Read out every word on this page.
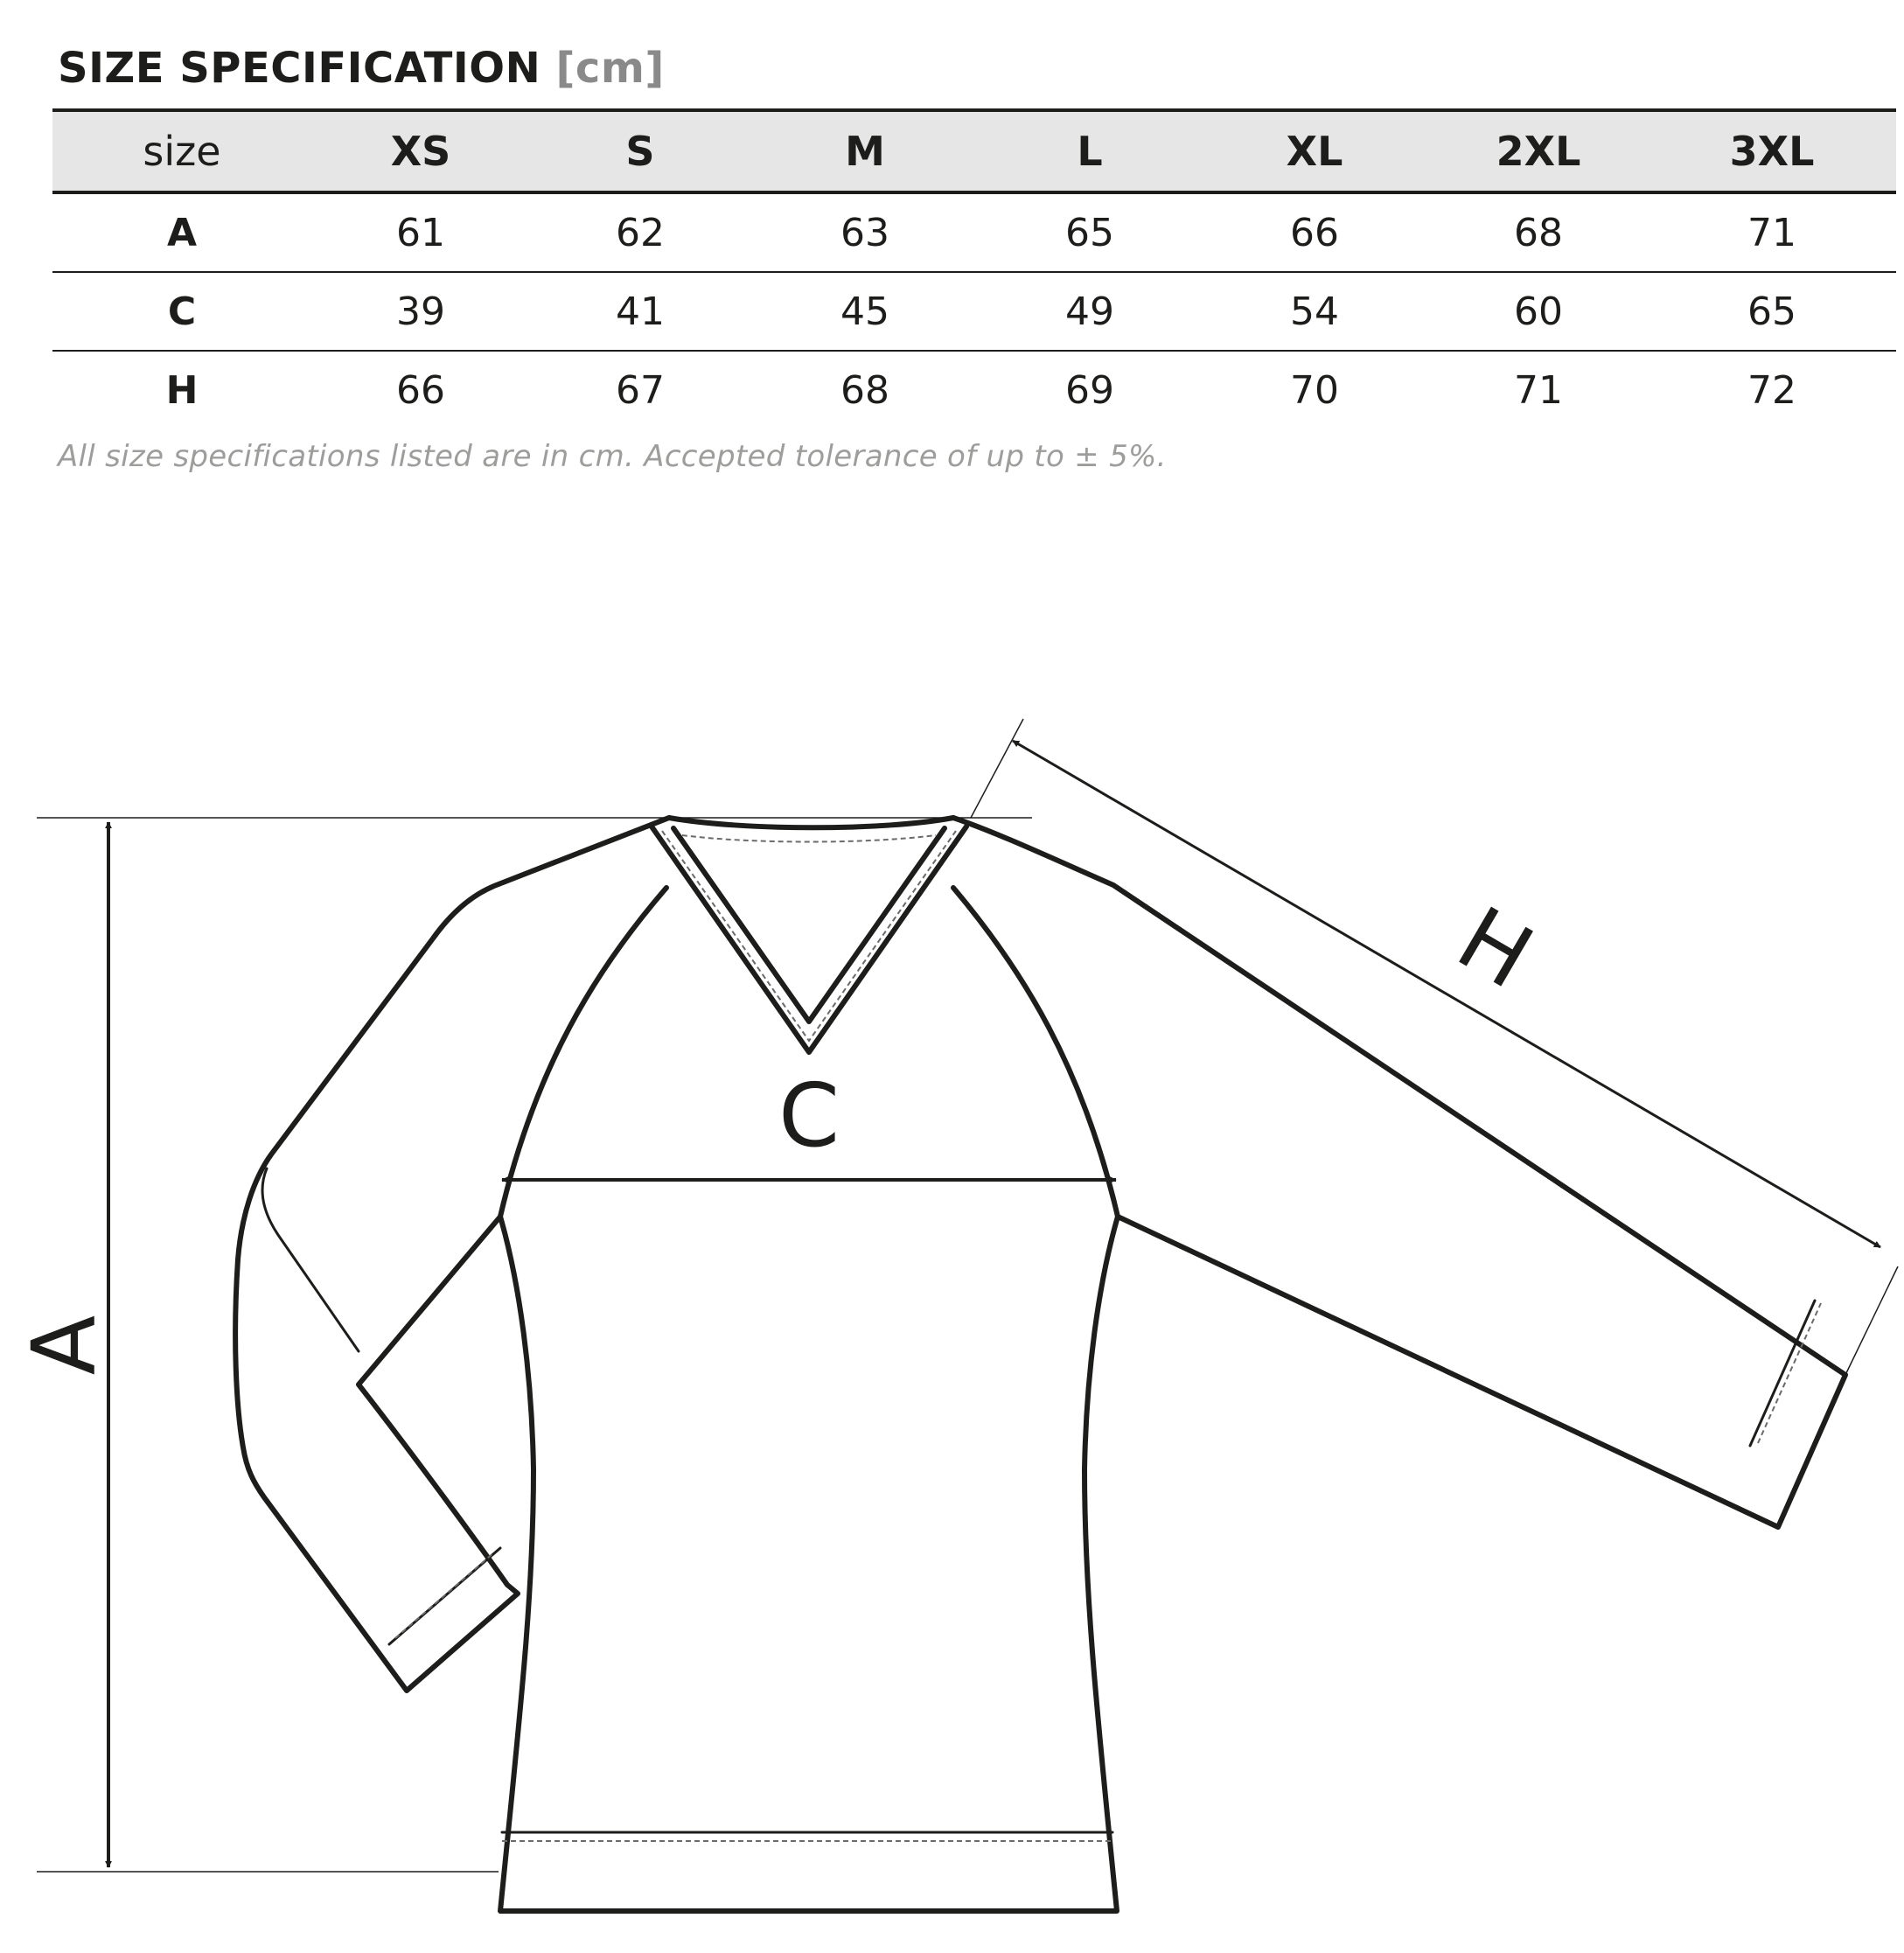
SIZE SPECIFICATION [cm]
size	XS	S	M	L	XL	2XL	3XL
A	61	62	63	65	66	68	71
C	39	41	45	49	54	60	65
H	66	67	68	69	70	71	72

All size specifications listed are in cm. Accepted tolerance of up to ± 5%.

A
C
H
